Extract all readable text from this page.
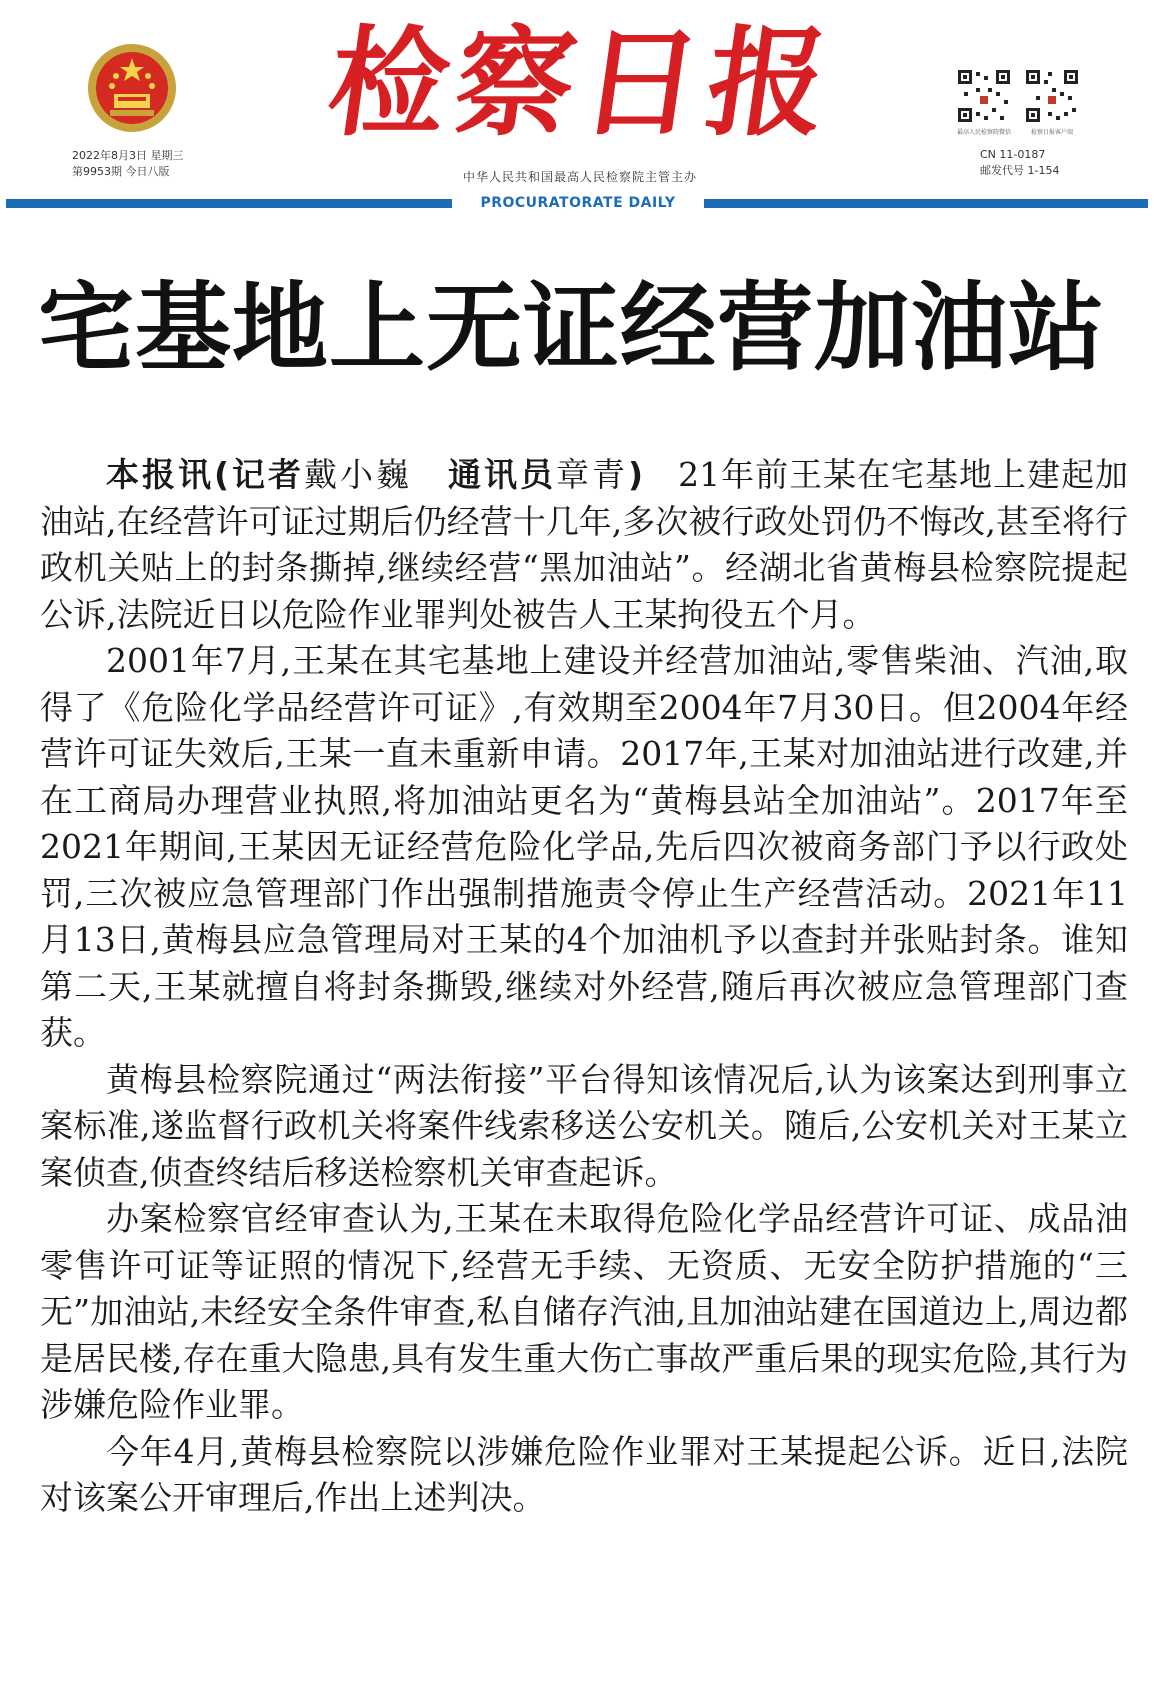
2022年8月3日 星期三
第9953期 今日八版
检察日报
中华人民共和国最高人民检察院主管主办
最高人民检察院微信	检察日报客户端
CN 11-0187
邮发代号 1-154
PROCURATORATE DAILY
宅基地上无证经营加油站

本报讯(记者戴小巍  通讯员章青)  21年前王某在宅基地上建起加油站,在经营许可证过期后仍经营十几年,多次被行政处罚仍不悔改,甚至将行政机关贴上的封条撕掉,继续经营“黑加油站”。经湖北省黄梅县检察院提起公诉,法院近日以危险作业罪判处被告人王某拘役五个月。

2001年7月,王某在其宅基地上建设并经营加油站,零售柴油、汽油,取得了《危险化学品经营许可证》,有效期至2004年7月30日。但2004年经营许可证失效后,王某一直未重新申请。2017年,王某对加油站进行改建,并在工商局办理营业执照,将加油站更名为“黄梅县站全加油站”。2017年至2021年期间,王某因无证经营危险化学品,先后四次被商务部门予以行政处罚,三次被应急管理部门作出强制措施责令停止生产经营活动。2021年11月13日,黄梅县应急管理局对王某的4个加油机予以查封并张贴封条。谁知第二天,王某就擅自将封条撕毁,继续对外经营,随后再次被应急管理部门查获。

黄梅县检察院通过“两法衔接”平台得知该情况后,认为该案达到刑事立案标准,遂监督行政机关将案件线索移送公安机关。随后,公安机关对王某立案侦查,侦查终结后移送检察机关审查起诉。

办案检察官经审查认为,王某在未取得危险化学品经营许可证、成品油零售许可证等证照的情况下,经营无手续、无资质、无安全防护措施的“三无”加油站,未经安全条件审查,私自储存汽油,且加油站建在国道边上,周边都是居民楼,存在重大隐患,具有发生重大伤亡事故严重后果的现实危险,其行为涉嫌危险作业罪。

今年4月,黄梅县检察院以涉嫌危险作业罪对王某提起公诉。近日,法院对该案公开审理后,作出上述判决。
